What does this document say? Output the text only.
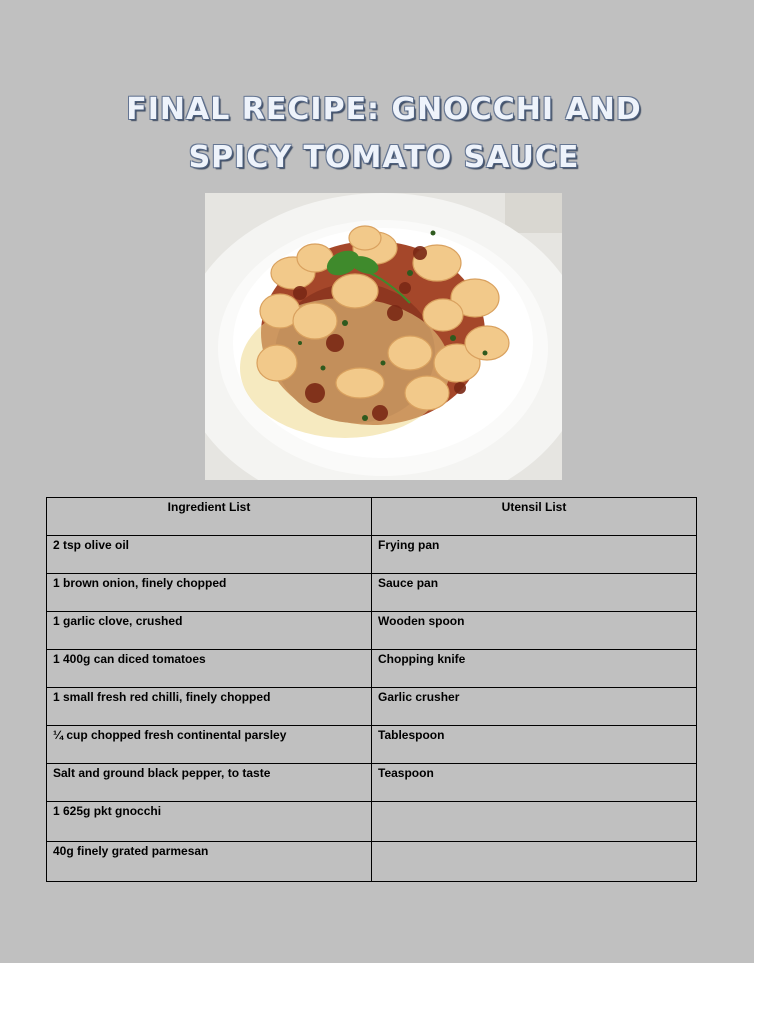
FINAL RECIPE: GNOCCHI AND
SPICY TOMATO SAUCE
Ingredient List	Utensil List
2 tsp olive oil	Frying pan
1 brown onion, finely chopped	Sauce pan
1 garlic clove, crushed	Wooden spoon
1 400g can diced tomatoes	Chopping knife
1 small fresh red chilli, finely chopped	Garlic crusher
¼ cup chopped fresh continental parsley	Tablespoon
Salt and ground black pepper, to taste	Teaspoon
1 625g pkt gnocchi	
40g finely grated parmesan	
